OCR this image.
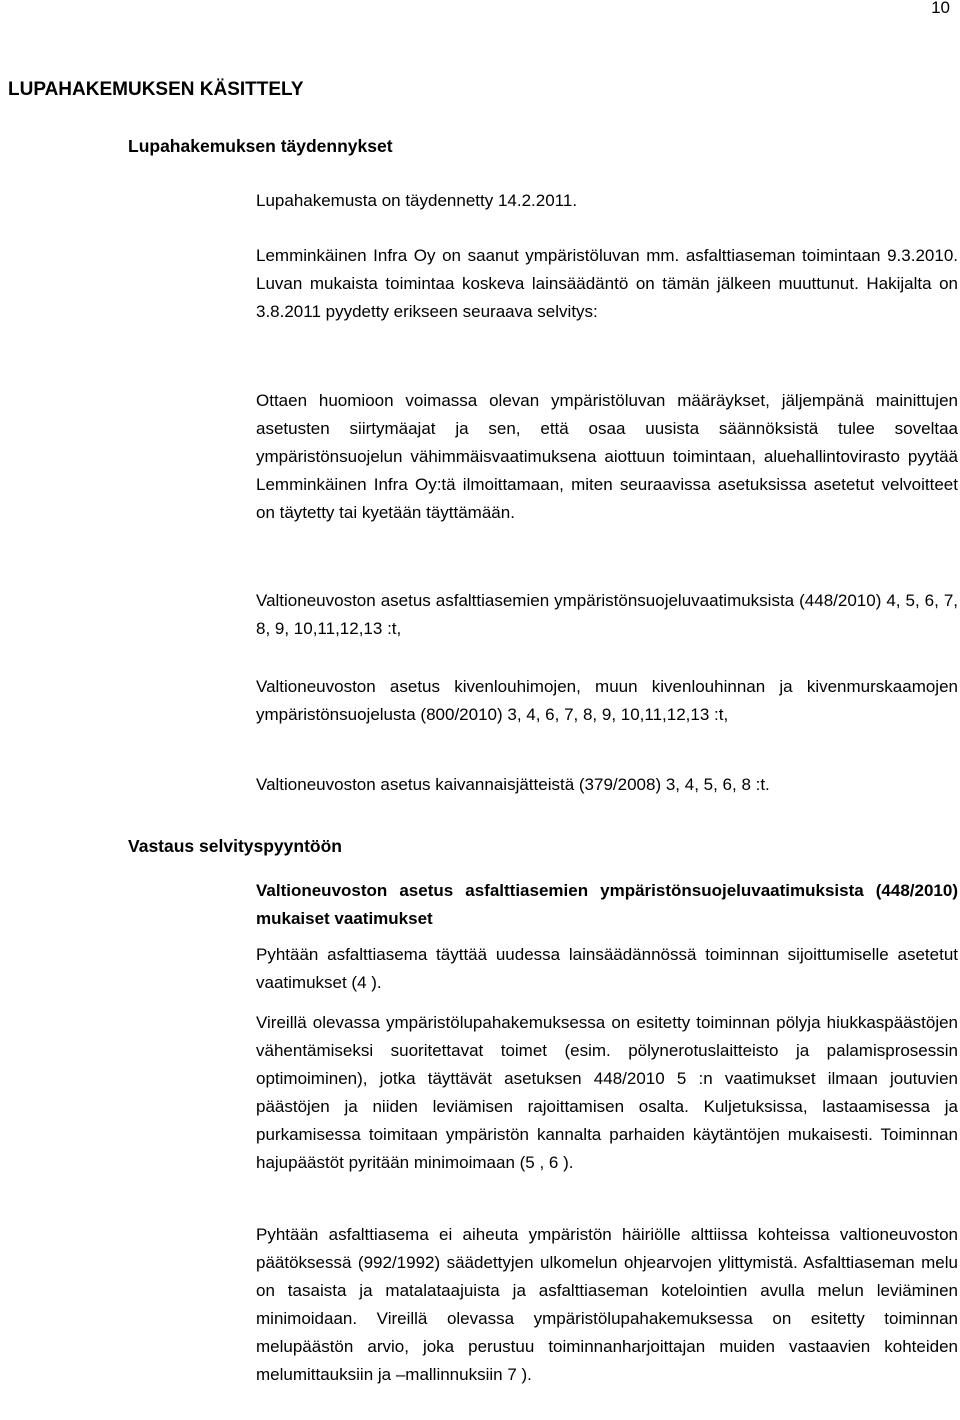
10
LUPAHAKEMUKSEN KÄSITTELY
Lupahakemuksen täydennykset

Lupahakemusta on täydennetty 14.2.2011.

Lemminkäinen Infra Oy on saanut ympäristöluvan mm. asfalttiaseman toimintaan 9.3.2010. Luvan mukaista toimintaa koskeva lainsäädäntö on tämän jälkeen muuttunut. Hakijalta on 3.8.2011 pyydetty erikseen seuraava selvitys:

Ottaen huomioon voimassa olevan ympäristöluvan määräykset, jäljempänä mainittujen asetusten siirtymäajat ja sen, että osaa uusista säännöksistä tulee soveltaa ympäristönsuojelun vähimmäisvaatimuksena aiottuun toimintaan, aluehallintovirasto pyytää Lemminkäinen Infra Oy:tä ilmoittamaan, miten seuraavissa asetuksissa asetetut velvoitteet on täytetty tai kyetään täyttämään.

Valtioneuvoston asetus asfalttiasemien ympäristönsuojeluvaatimuksista (448/2010) 4, 5, 6, 7, 8, 9, 10,11,12,13 :t,

Valtioneuvoston asetus kivenlouhimojen, muun kivenlouhinnan ja kivenmurskaamojen ympäristönsuojelusta (800/2010) 3, 4, 6, 7, 8, 9, 10,11,12,13 :t,

Valtioneuvoston asetus kaivannaisjätteistä (379/2008) 3, 4, 5, 6, 8 :t.

Vastaus selvityspyyntöön

Valtioneuvoston asetus asfalttiasemien ympäristönsuojeluvaatimuksista (448/2010) mukaiset vaatimukset

Pyhtään asfalttiasema täyttää uudessa lainsäädännössä toiminnan sijoittumiselle asetetut vaatimukset (4 ).

Vireillä olevassa ympäristölupahakemuksessa on esitetty toiminnan pölyja hiukkaspäästöjen vähentämiseksi suoritettavat toimet (esim. pölynerotuslaitteisto ja palamisprosessin optimoiminen), jotka täyttävät asetuksen 448/2010 5 :n vaatimukset ilmaan joutuvien päästöjen ja niiden leviämisen rajoittamisen osalta. Kuljetuksissa, lastaamisessa ja purkamisessa toimitaan ympäristön kannalta parhaiden käytäntöjen mukaisesti. Toiminnan hajupäästöt pyritään minimoimaan (5 , 6 ).

Pyhtään asfalttiasema ei aiheuta ympäristön häiriölle alttiissa kohteissa valtioneuvoston päätöksessä (992/1992) säädettyjen ulkomelun ohjearvojen ylittymistä. Asfalttiaseman melu on tasaista ja matalataajuista ja asfalttiaseman kotelointien avulla melun leviäminen minimoidaan. Vireillä olevassa ympäristölupahakemuksessa on esitetty toiminnan melupäästön arvio, joka perustuu toiminnanharjoittajan muiden vastaavien kohteiden melumittauksiin ja –mallinnuksiin 7 ).
